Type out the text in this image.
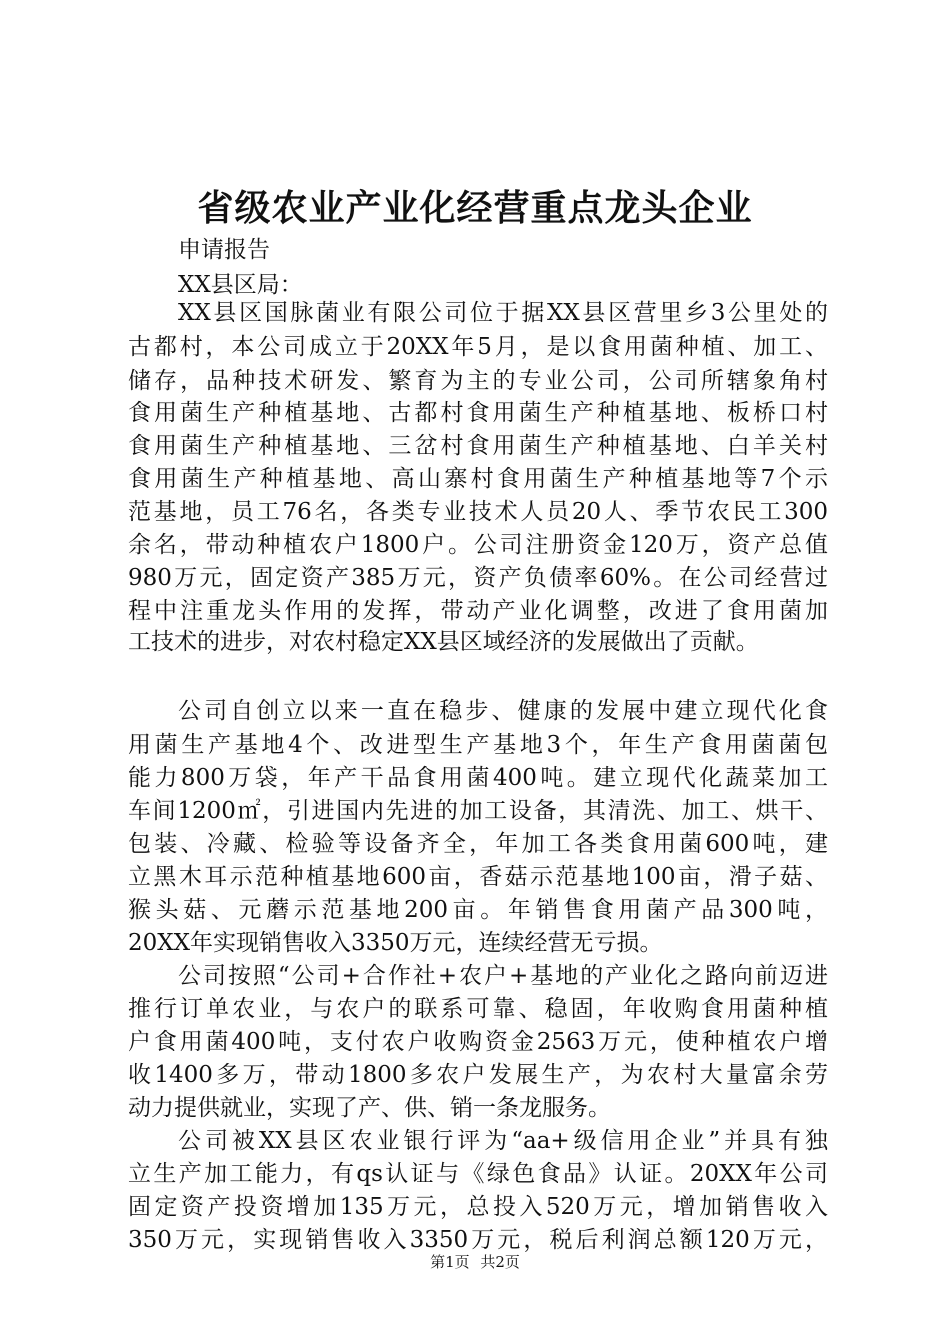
省级农业产业化经营重点龙头企业

申请报告

XX县区局：

XX县区国脉菌业有限公司位于据XX县区营里乡3公里处的

古都村，本公司成立于20XX年5月，是以食用菌种植、加工、

储存，品种技术研发、繁育为主的专业公司，公司所辖象角村

食用菌生产种植基地、古都村食用菌生产种植基地、板桥口村

食用菌生产种植基地、三岔村食用菌生产种植基地、白羊关村

食用菌生产种植基地、高山寨村食用菌生产种植基地等7个示

范基地，员工76名，各类专业技术人员20人、季节农民工300

余名，带动种植农户1800户。公司注册资金120万，资产总值

980万元，固定资产385万元，资产负债率60%。在公司经营过

程中注重龙头作用的发挥，带动产业化调整，改进了食用菌加

工技术的进步，对农村稳定XX县区域经济的发展做出了贡献。

公司自创立以来一直在稳步、健康的发展中建立现代化食

用菌生产基地4个、改进型生产基地3个，年生产食用菌菌包

能力800万袋，年产干品食用菌400吨。建立现代化蔬菜加工

车间1200㎡，引进国内先进的加工设备，其清洗、加工、烘干、

包装、冷藏、检验等设备齐全，年加工各类食用菌600吨，建

立黑木耳示范种植基地600亩，香菇示范基地100亩，滑子菇、

猴头菇、元蘑示范基地200亩。年销售食用菌产品300吨，

20XX年实现销售收入3350万元，连续经营无亏损。

公司按照“公司+合作社+农户+基地的产业化之路向前迈进

推行订单农业，与农户的联系可靠、稳固，年收购食用菌种植

户食用菌400吨，支付农户收购资金2563万元，使种植农户增

收1400多万，带动1800多农户发展生产，为农村大量富余劳

动力提供就业，实现了产、供、销一条龙服务。

公司被XX县区农业银行评为“aa+级信用企业”并具有独

立生产加工能力，有qs认证与《绿色食品》认证。20XX年公司

固定资产投资增加135万元，总投入520万元，增加销售收入

350万元，实现销售收入3350万元，税后利润总额120万元，

第1页 共2页
